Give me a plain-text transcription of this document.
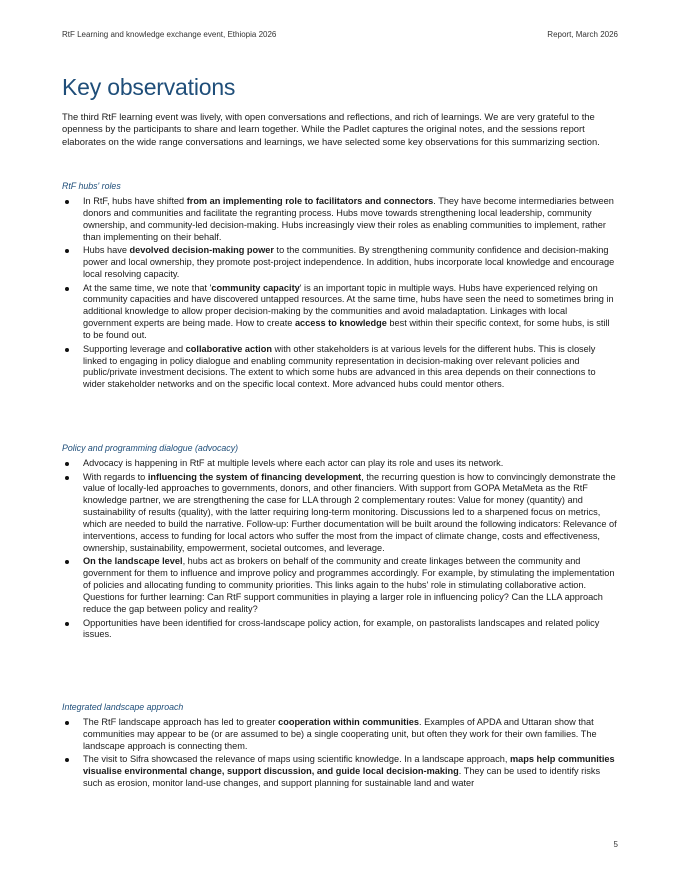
RtF Learning and knowledge exchange event, Ethiopia 2026	Report, March 2026
Key observations

The third RtF learning event was lively, with open conversations and reflections, and rich of learnings. We are very grateful to the openness by the participants to share and learn together. While the Padlet captures the original notes, and the sessions report elaborates on the wide range conversations and learnings, we have selected some key observations for this summarizing section.

RtF hubs' roles
In RtF, hubs have shifted from an implementing role to facilitators and connectors. They have become intermediaries between donors and communities and facilitate the regranting process. Hubs move towards strengthening local leadership, community ownership, and community-led decision-making. Hubs increasingly view their roles as enabling communities to implement, rather than implementing on their behalf.
Hubs have devolved decision-making power to the communities. By strengthening community confidence and decision-making power and local ownership, they promote post-project independence. In addition, hubs incorporate local knowledge and encourage local resolving capacity.
At the same time, we note that 'community capacity' is an important topic in multiple ways. Hubs have experienced relying on community capacities and have discovered untapped resources. At the same time, hubs have seen the need to sometimes bring in additional knowledge to allow proper decision-making by the communities and avoid maladaptation. Linkages with local government experts are being made. How to create access to knowledge best within their specific context, for some hubs, is still to be found out.
Supporting leverage and collaborative action with other stakeholders is at various levels for the different hubs. This is closely linked to engaging in policy dialogue and enabling community representation in decision-making over relevant policies and public/private investment decisions. The extent to which some hubs are advanced in this area depends on their connections to wider stakeholder networks and on the specific local context. More advanced hubs could mentor others.
Policy and programming dialogue (advocacy)
Advocacy is happening in RtF at multiple levels where each actor can play its role and uses its network.
With regards to influencing the system of financing development, the recurring question is how to convincingly demonstrate the value of locally-led approaches to governments, donors, and other financiers. With support from GOPA MetaMeta as the RtF knowledge partner, we are strengthening the case for LLA through 2 complementary routes: Value for money (quantity) and sustainability of results (quality), with the latter requiring long-term monitoring. Discussions led to a sharpened focus on metrics, which are needed to build the narrative. Follow-up: Further documentation will be built around the following indicators: Relevance of interventions, access to funding for local actors who suffer the most from the impact of climate change, costs and effectiveness, ownership, sustainability, empowerment, societal outcomes, and leverage.
On the landscape level, hubs act as brokers on behalf of the community and create linkages between the community and government for them to influence and improve policy and programmes accordingly. For example, by stimulating the implementation of policies and allocating funding to community priorities. This links again to the hubs' role in stimulating collaborative action.
Questions for further learning: Can RtF support communities in playing a larger role in influencing policy? Can the LLA approach reduce the gap between policy and reality?
Opportunities have been identified for cross-landscape policy action, for example, on pastoralists landscapes and related policy issues.
Integrated landscape approach
The RtF landscape approach has led to greater cooperation within communities. Examples of APDA and Uttaran show that communities may appear to be (or are assumed to be) a single cooperating unit, but often they work for their own families. The landscape approach is connecting them.
The visit to Sifra showcased the relevance of maps using scientific knowledge. In a landscape approach, maps help communities visualise environmental change, support discussion, and guide local decision-making. They can be used to identify risks such as erosion, monitor land-use changes, and support planning for sustainable land and water
5
